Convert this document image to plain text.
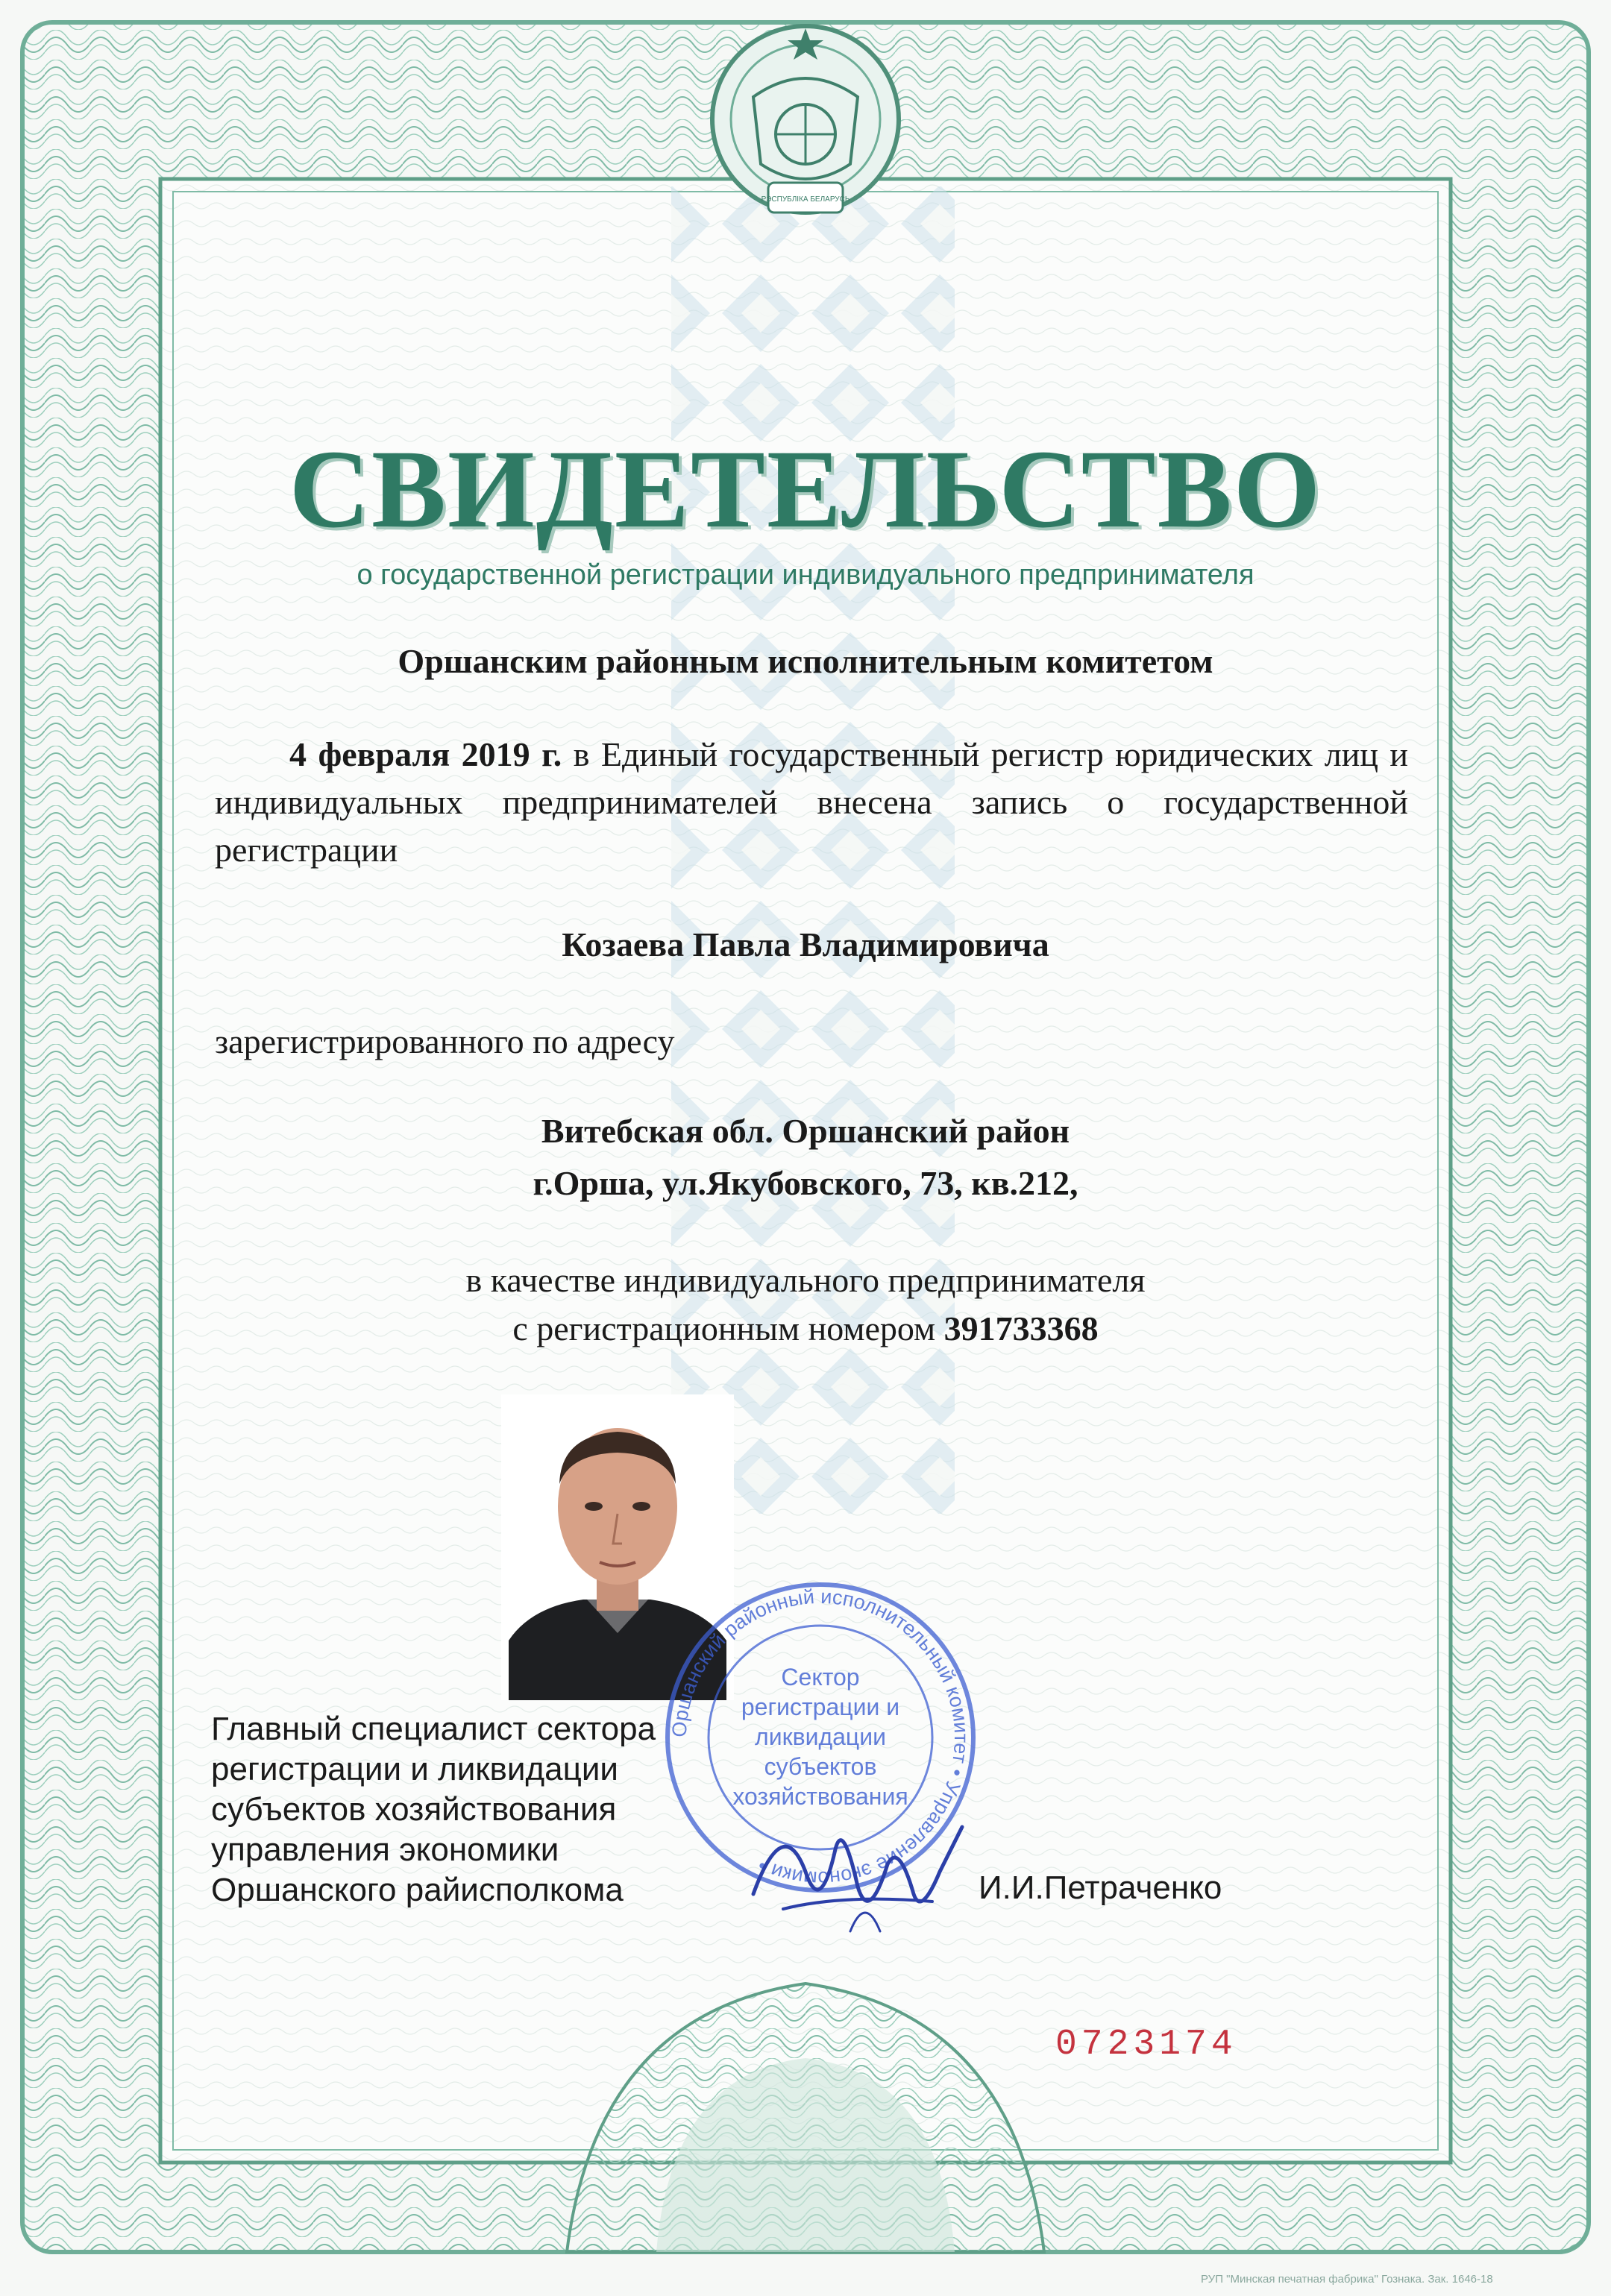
РЭСПУБЛІКА БЕЛАРУСЬ
СВИДЕТЕЛЬСТВО
о государственной регистрации индивидуального предпринимателя
Оршанским районным исполнительным комитетом
4 февраля 2019 г. в Единый государственный регистр юридических лиц и индивидуальных предпринимателей внесена запись о государственной регистрации
Козаева Павла Владимировича
зарегистрированного по адресу
Витебская обл. Оршанский район
г.Орша, ул.Якубовского, 73, кв.212,
в качестве индивидуального предпринимателя
с регистрационным номером 391733368
Оршанский районный исполнительный комитет • Управление экономики •
Сектор
регистрации и
ликвидации
субъектов
хозяйствования
Главный специалист сектора
регистрации и ликвидации
субъектов хозяйствования
управления экономики
Оршанского райисполкома	И.И.Петраченко
0723174
РУП "Минская печатная фабрика" Гознака. Зак. 1646-18
